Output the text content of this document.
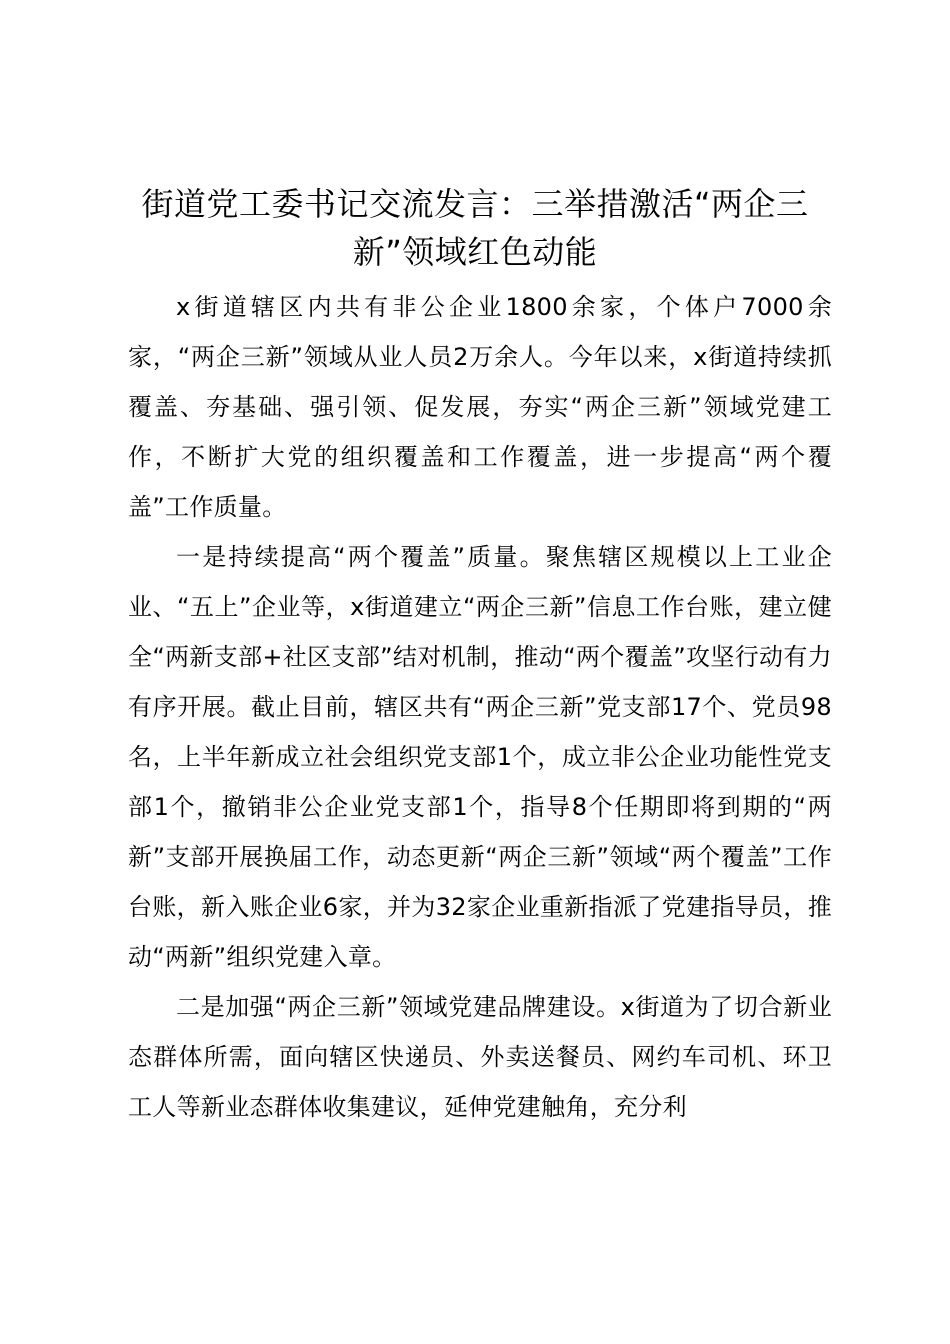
街道党工委书记交流发言：三举措激活“两企三新”领域红色动能

x街道辖区内共有非公企业1800余家，个体户7000余家，“两企三新”领域从业人员2万余人。今年以来，x街道持续抓覆盖、夯基础、强引领、促发展，夯实“两企三新”领域党建工作，不断扩大党的组织覆盖和工作覆盖，进一步提高“两个覆盖”工作质量。

一是持续提高“两个覆盖”质量。聚焦辖区规模以上工业企业、“五上”企业等，x街道建立“两企三新”信息工作台账，建立健全“两新支部+社区支部”结对机制，推动“两个覆盖”攻坚行动有力有序开展。截止目前，辖区共有“两企三新”党支部17个、党员98名，上半年新成立社会组织党支部1个，成立非公企业功能性党支部1个，撤销非公企业党支部1个，指导8个任期即将到期的“两新”支部开展换届工作，动态更新“两企三新”领域“两个覆盖”工作台账，新入账企业6家，并为32家企业重新指派了党建指导员，推动“两新”组织党建入章。

二是加强“两企三新”领域党建品牌建设。x街道为了切合新业态群体所需，面向辖区快递员、外卖送餐员、网约车司机、环卫工人等新业态群体收集建议，延伸党建触角，充分利
